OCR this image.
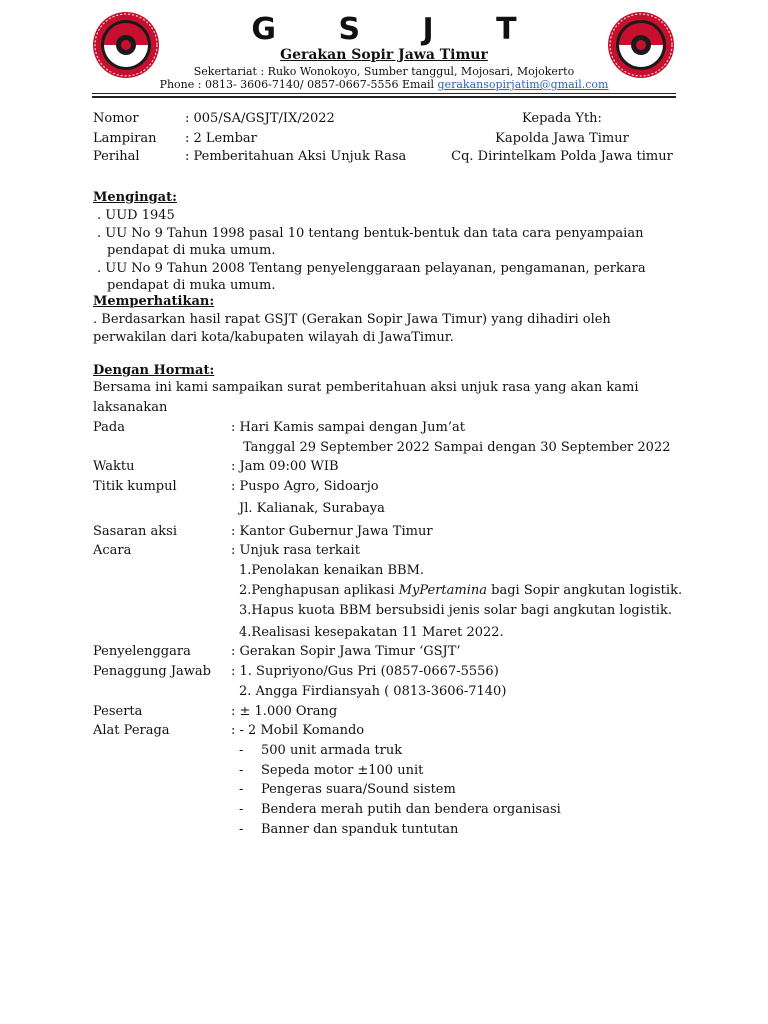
G S J T
Gerakan Sopir Jawa Timur
Sekertariat : Ruko Wonokoyo, Sumber tanggul, Mojosari, Mojokerto
Phone : 0813- 3606-7140/ 0857-0667-5556 Email gerakansopirjatim@gmail.com
Nomor	: 005/SA/GSJT/IX/2022
Lampiran : 2 Lembar
Perihal	: Pemberitahuan Aksi Unjuk Rasa
Kepada Yth:
Kapolda Jawa Timur
Cq. Dirintelkam Polda Jawa timur
Mengingat:
. UUD 1945
. UU No 9 Tahun 1998 pasal 10 tentang bentuk-bentuk dan tata cara penyampaian
pendapat di muka umum.
. UU No 9 Tahun 2008 Tentang penyelenggaraan pelayanan, pengamanan, perkara
pendapat di muka umum.
Memperhatikan:
. Berdasarkan hasil rapat GSJT (Gerakan Sopir Jawa Timur) yang dihadiri oleh
perwakilan dari kota/kabupaten wilayah di JawaTimur.
Dengan Hormat:
Bersama ini kami sampaikan surat pemberitahuan aksi unjuk rasa yang akan kami
laksanakan
Pada	: Hari Kamis sampai dengan Jum’at
Tanggal 29 September 2022 Sampai dengan 30 September 2022
Waktu	: Jam 09:00 WIB
Titik kumpul	: Puspo Agro, Sidoarjo
Jl. Kalianak, Surabaya
Sasaran aksi	: Kantor Gubernur Jawa Timur
Acara	: Unjuk rasa terkait
1.Penolakan kenaikan BBM.
2.Penghapusan aplikasi MyPertamina bagi Sopir angkutan logistik.
3.Hapus kuota BBM bersubsidi jenis solar bagi angkutan logistik.
4.Realisasi kesepakatan 11 Maret 2022.
Penyelenggara	: Gerakan Sopir Jawa Timur ‘GSJT’
Penaggung Jawab : 1. Supriyono/Gus Pri (0857-0667-5556)
2. Angga Firdiansyah ( 0813-3606-7140)
Peserta	: ± 1.000 Orang
Alat Peraga	: - 2 Mobil Komando
- 500 unit armada truk
- Sepeda motor ±100 unit
- Pengeras suara/Sound sistem
- Bendera merah putih dan bendera organisasi
- Banner dan spanduk tuntutan
